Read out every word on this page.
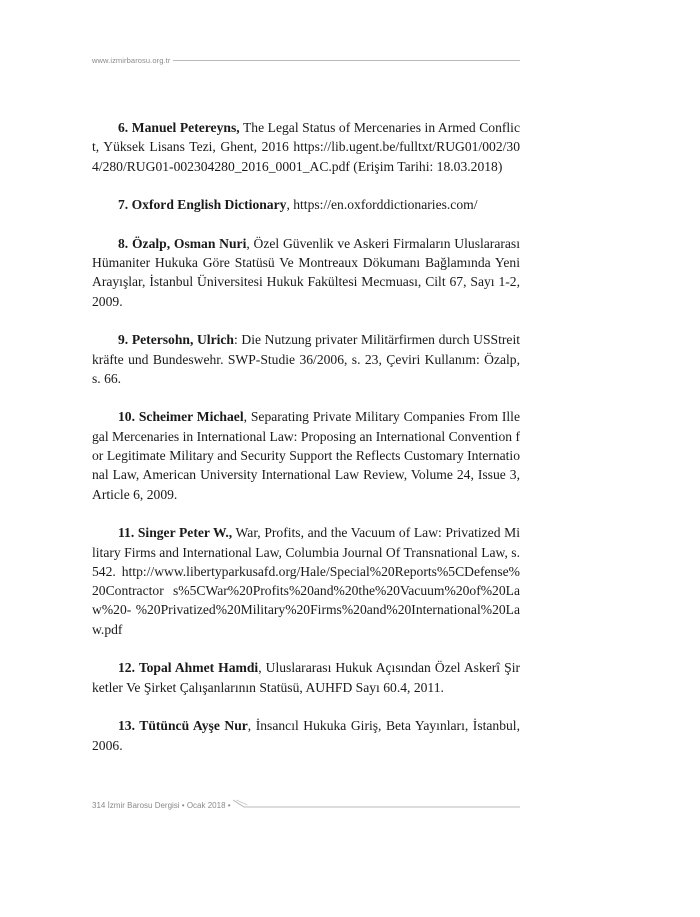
www.izmirbarosu.org.tr

6. Manuel Petereyns, The Legal Status of Mercenaries in Armed Conflict, Yüksek Lisans Tezi, Ghent, 2016 https://lib.ugent.be/fulltxt/RUG01/002/304/280/RUG01-002304280_2016_0001_AC.pdf (Erişim Tarihi: 18.03.2018)

7. Oxford English Dictionary, https://en.oxforddictionaries.com/

8. Özalp, Osman Nuri, Özel Güvenlik ve Askeri Firmaların Uluslararası Hümaniter Hukuka Göre Statüsü Ve Montreaux Dökumanı Bağlamında Yeni Arayışlar, İstanbul Üniversitesi Hukuk Fakültesi Mecmuası, Cilt 67, Sayı 1-2, 2009.

9. Petersohn, Ulrich: Die Nutzung privater Militärfirmen durch USStreitkräfte und Bundeswehr. SWP-Studie 36/2006, s. 23, Çeviri Kullanım: Özalp, s. 66.

10. Scheimer Michael, Separating Private Military Companies From Illegal Mercenaries in International Law: Proposing an International Convention for Legitimate Military and Security Support the Reflects Customary International Law, American University International Law Review, Volume 24, Issue 3, Article 6, 2009.

11. Singer Peter W., War, Profits, and the Vacuum of Law: Privatized Military Firms and International Law, Columbia Journal Of Transnational Law, s. 542. http://www.libertyparkusafd.org/Hale/Special%20Reports%5CDefense%20Contractor s%5CWar%20Profits%20and%20the%20Vacuum%20of%20Law%20- %20Privatized%20Military%20Firms%20and%20International%20Law.pdf

12. Topal Ahmet Hamdi, Uluslararası Hukuk Açısından Özel Askerî Şirketler Ve Şirket Çalışanlarının Statüsü, AUHFD Sayı 60.4, 2011.

13. Tütüncü Ayşe Nur, İnsancıl Hukuka Giriş, Beta Yayınları, İstanbul, 2006.

314 İzmir Barosu Dergisi • Ocak 2018 •
